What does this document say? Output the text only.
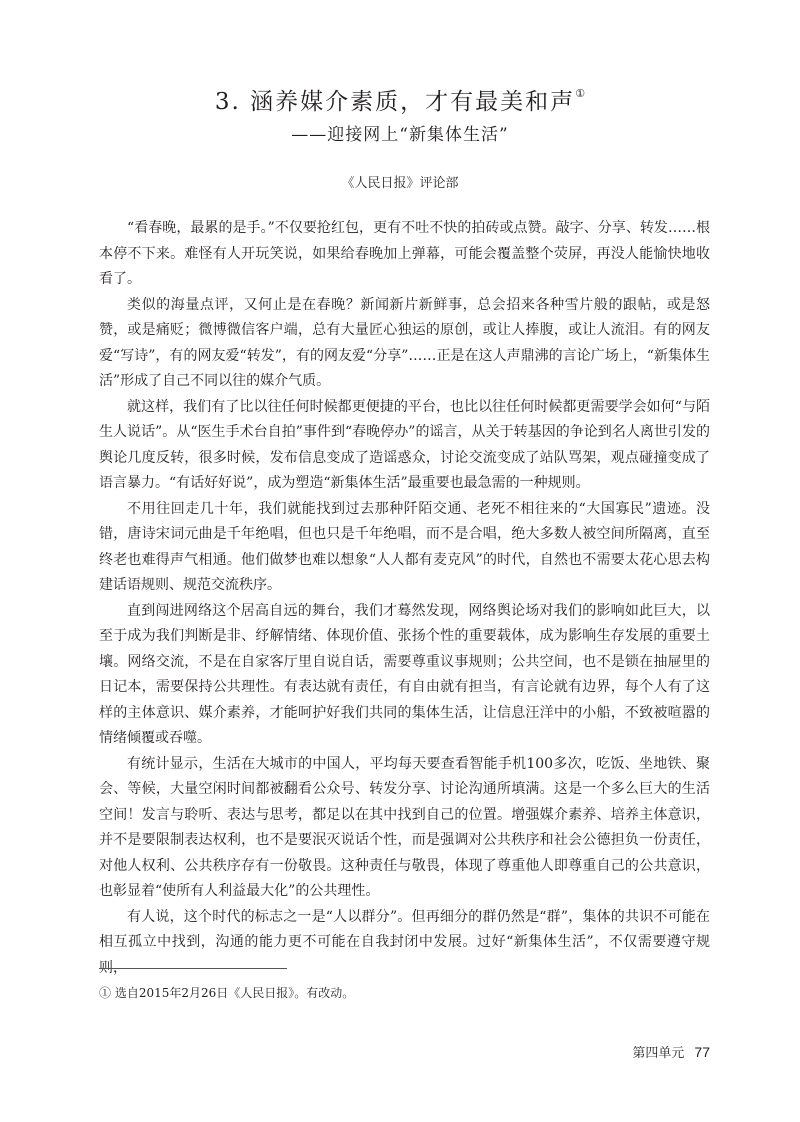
3. 涵养媒介素质，才有最美和声①
——迎接网上“新集体生活”
《人民日报》评论部

“看春晚，最累的是手。”不仅要抢红包，更有不吐不快的拍砖或点赞。敲字、分享、转发……根本停不下来。难怪有人开玩笑说，如果给春晚加上弹幕，可能会覆盖整个荧屏，再没人能愉快地收看了。

类似的海量点评，又何止是在春晚？新闻新片新鲜事，总会招来各种雪片般的跟帖，或是怒赞，或是痛贬；微博微信客户端，总有大量匠心独运的原创，或让人捧腹，或让人流泪。有的网友爱“写诗”，有的网友爱“转发”，有的网友爱“分享”……正是在这人声鼎沸的言论广场上，“新集体生活”形成了自己不同以往的媒介气质。

就这样，我们有了比以往任何时候都更便捷的平台，也比以往任何时候都更需要学会如何“与陌生人说话”。从“医生手术台自拍”事件到“春晚停办”的谣言，从关于转基因的争论到名人离世引发的舆论几度反转，很多时候，发布信息变成了造谣惑众，讨论交流变成了站队骂架，观点碰撞变成了语言暴力。“有话好好说”，成为塑造“新集体生活”最重要也最急需的一种规则。

不用往回走几十年，我们就能找到过去那种阡陌交通、老死不相往来的“大国寡民”遗迹。没错，唐诗宋词元曲是千年绝唱，但也只是千年绝唱，而不是合唱，绝大多数人被空间所隔离，直至终老也难得声气相通。他们做梦也难以想象“人人都有麦克风”的时代，自然也不需要太花心思去构建话语规则、规范交流秩序。

直到闯进网络这个居高自远的舞台，我们才蓦然发现，网络舆论场对我们的影响如此巨大，以至于成为我们判断是非、纾解情绪、体现价值、张扬个性的重要载体，成为影响生存发展的重要土壤。网络交流，不是在自家客厅里自说自话，需要尊重议事规则；公共空间，也不是锁在抽屉里的日记本，需要保持公共理性。有表达就有责任，有自由就有担当，有言论就有边界，每个人有了这样的主体意识、媒介素养，才能呵护好我们共同的集体生活，让信息汪洋中的小船，不致被喧嚣的情绪倾覆或吞噬。

有统计显示，生活在大城市的中国人，平均每天要查看智能手机100多次，吃饭、坐地铁、聚会、等候，大量空闲时间都被翻看公众号、转发分享、讨论沟通所填满。这是一个多么巨大的生活空间！发言与聆听、表达与思考，都足以在其中找到自己的位置。增强媒介素养、培养主体意识，并不是要限制表达权利，也不是要泯灭说话个性，而是强调对公共秩序和社会公德担负一份责任，对他人权利、公共秩序存有一份敬畏。这种责任与敬畏，体现了尊重他人即尊重自己的公共意识，也彰显着“使所有人利益最大化”的公共理性。

有人说，这个时代的标志之一是“人以群分”。但再细分的群仍然是“群”，集体的共识不可能在相互孤立中找到，沟通的能力更不可能在自我封闭中发展。过好“新集体生活”，不仅需要遵守规则，

① 选自2015年2月26日《人民日报》。有改动。
第四单元 77
